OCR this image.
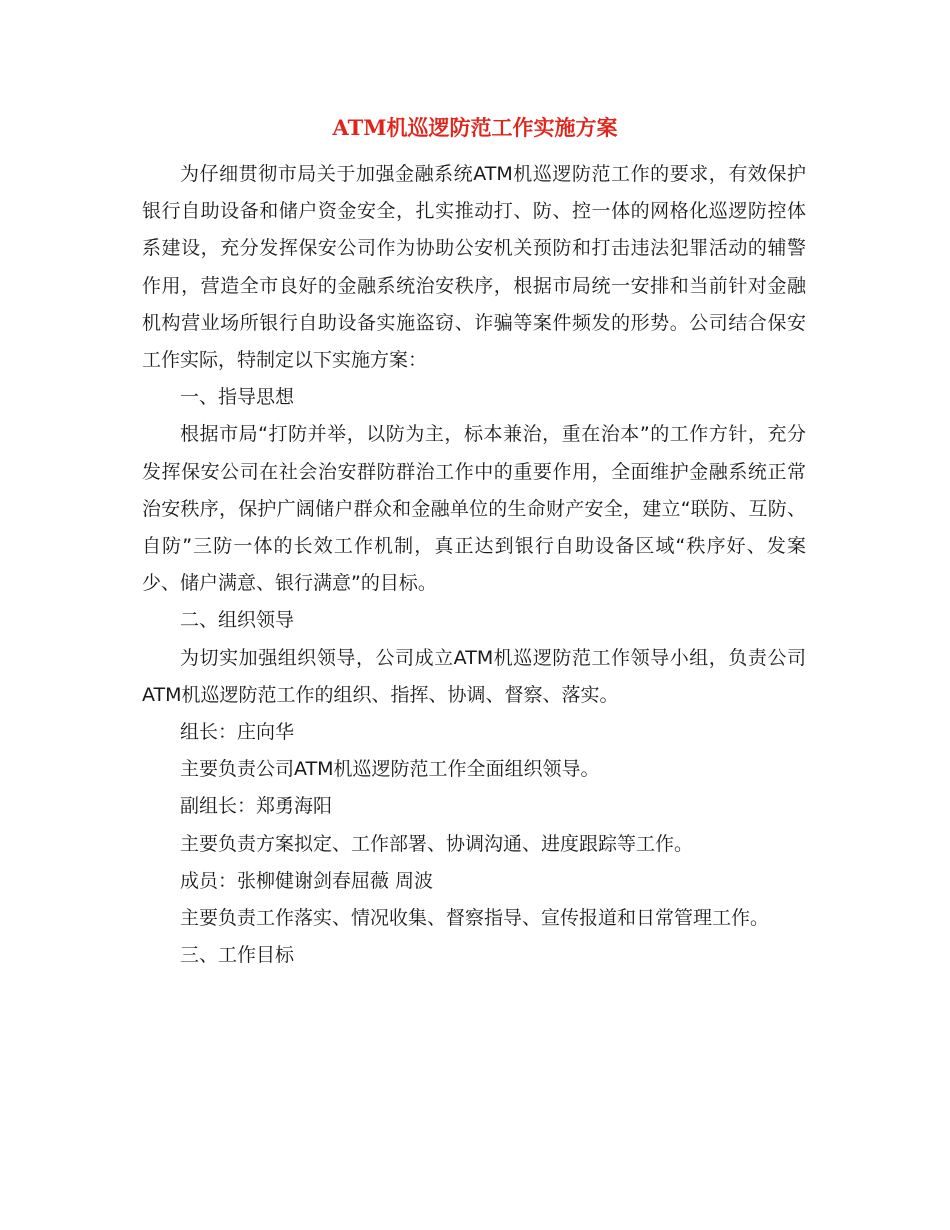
ATM机巡逻防范工作实施方案

为仔细贯彻市局关于加强金融系统ATM机巡逻防范工作的要求，有效保护银行自助设备和储户资金安全，扎实推动打、防、控一体的网格化巡逻防控体系建设，充分发挥保安公司作为协助公安机关预防和打击违法犯罪活动的辅警作用，营造全市良好的金融系统治安秩序，根据市局统一安排和当前针对金融机构营业场所银行自助设备实施盗窃、诈骗等案件频发的形势。公司结合保安工作实际，特制定以下实施方案：

一、指导思想

根据市局“打防并举，以防为主，标本兼治，重在治本”的工作方针，充分发挥保安公司在社会治安群防群治工作中的重要作用，全面维护金融系统正常治安秩序，保护广阔储户群众和金融单位的生命财产安全，建立“联防、互防、自防”三防一体的长效工作机制，真正达到银行自助设备区域“秩序好、发案少、储户满意、银行满意”的目标。

二、组织领导

为切实加强组织领导，公司成立ATM机巡逻防范工作领导小组，负责公司ATM机巡逻防范工作的组织、指挥、协调、督察、落实。

组长：庄向华

主要负责公司ATM机巡逻防范工作全面组织领导。

副组长：郑勇海阳

主要负责方案拟定、工作部署、协调沟通、进度跟踪等工作。

成员：张柳健谢剑春屈薇 周波

主要负责工作落实、情况收集、督察指导、宣传报道和日常管理工作。

三、工作目标
